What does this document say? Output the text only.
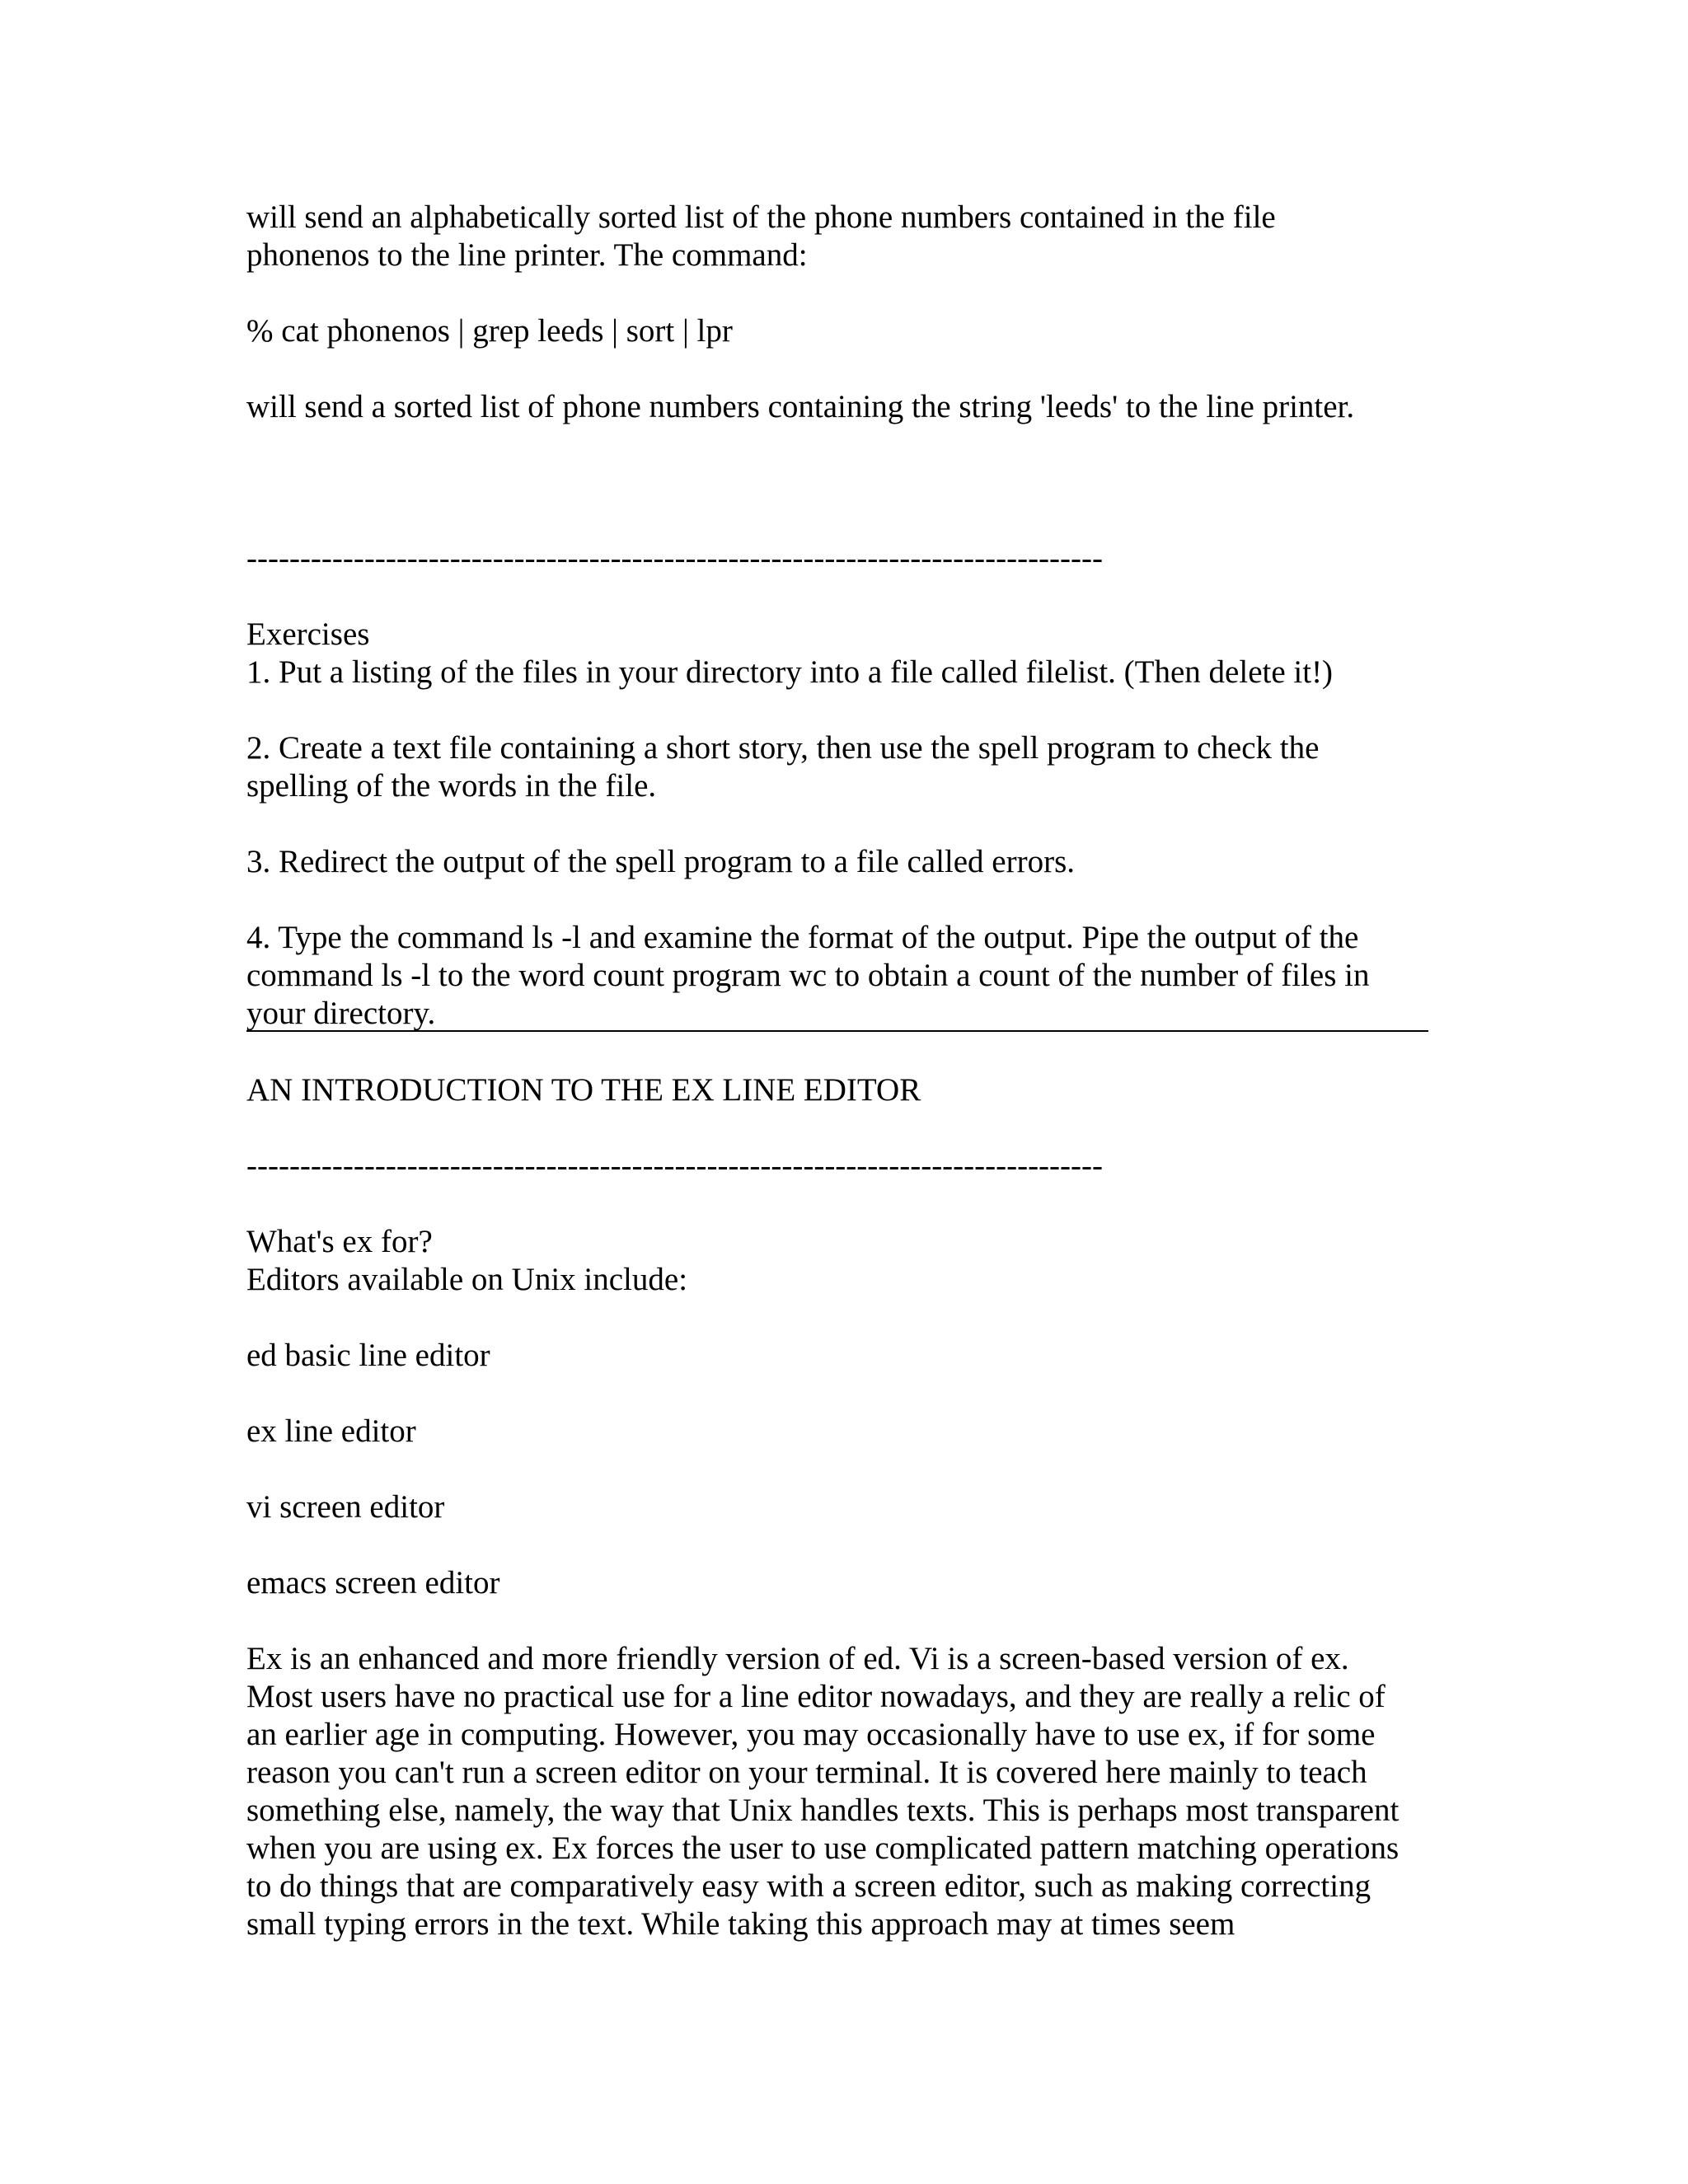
will send an alphabetically sorted list of the phone numbers contained in the file
phonenos to the line printer. The command:
% cat phonenos | grep leeds | sort | lpr
will send a sorted list of phone numbers containing the string 'leeds' to the line printer.
--------------------------------------------------------------------------------
Exercises
1. Put a listing of the files in your directory into a file called filelist. (Then delete it!)
2. Create a text file containing a short story, then use the spell program to check the
spelling of the words in the file.
3. Redirect the output of the spell program to a file called errors.
4. Type the command ls -l and examine the format of the output. Pipe the output of the
command ls -l to the word count program wc to obtain a count of the number of files in
your directory.
AN INTRODUCTION TO THE EX LINE EDITOR
--------------------------------------------------------------------------------
What's ex for?
Editors available on Unix include:
ed basic line editor
ex line editor
vi screen editor
emacs screen editor
Ex is an enhanced and more friendly version of ed. Vi is a screen-based version of ex.
Most users have no practical use for a line editor nowadays, and they are really a relic of
an earlier age in computing. However, you may occasionally have to use ex, if for some
reason you can't run a screen editor on your terminal. It is covered here mainly to teach
something else, namely, the way that Unix handles texts. This is perhaps most transparent
when you are using ex. Ex forces the user to use complicated pattern matching operations
to do things that are comparatively easy with a screen editor, such as making correcting
small typing errors in the text. While taking this approach may at times seem
